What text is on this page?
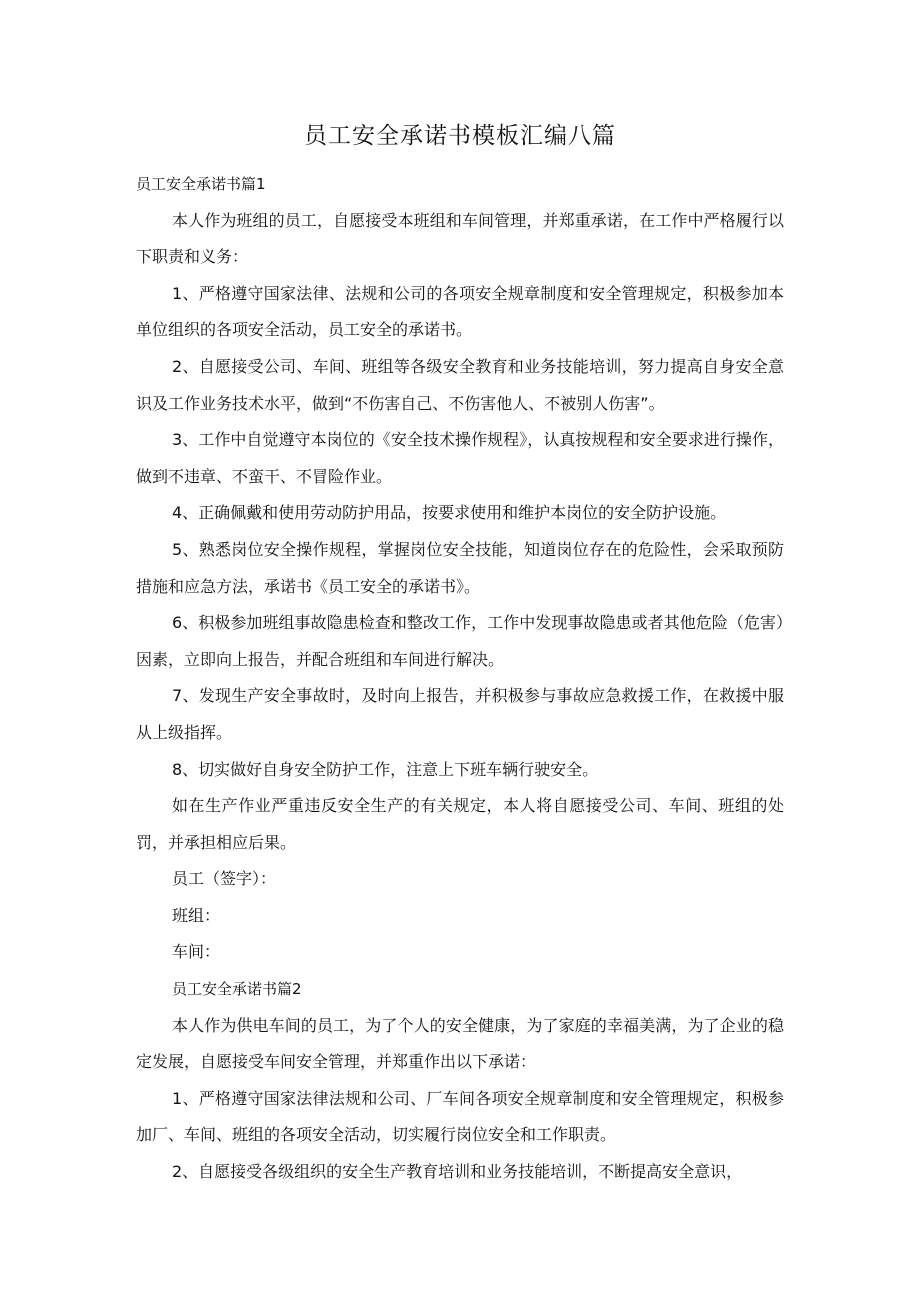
员工安全承诺书模板汇编八篇

员工安全承诺书篇1

本人作为班组的员工，自愿接受本班组和车间管理，并郑重承诺，在工作中严格履行以下职责和义务：

1、严格遵守国家法律、法规和公司的各项安全规章制度和安全管理规定，积极参加本单位组织的各项安全活动，员工安全的承诺书。

2、自愿接受公司、车间、班组等各级安全教育和业务技能培训，努力提高自身安全意识及工作业务技术水平，做到“不伤害自己、不伤害他人、不被别人伤害”。

3、工作中自觉遵守本岗位的《安全技术操作规程》，认真按规程和安全要求进行操作，做到不违章、不蛮干、不冒险作业。

4、正确佩戴和使用劳动防护用品，按要求使用和维护本岗位的安全防护设施。

5、熟悉岗位安全操作规程，掌握岗位安全技能，知道岗位存在的危险性，会采取预防措施和应急方法，承诺书《员工安全的承诺书》。

6、积极参加班组事故隐患检查和整改工作，工作中发现事故隐患或者其他危险（危害）因素，立即向上报告，并配合班组和车间进行解决。

7、发现生产安全事故时，及时向上报告，并积极参与事故应急救援工作，在救援中服从上级指挥。

8、切实做好自身安全防护工作，注意上下班车辆行驶安全。

如在生产作业严重违反安全生产的有关规定，本人将自愿接受公司、车间、班组的处罚，并承担相应后果。

员工（签字）：

班组：

车间：

员工安全承诺书篇2

本人作为供电车间的员工，为了个人的安全健康，为了家庭的幸福美满，为了企业的稳定发展，自愿接受车间安全管理，并郑重作出以下承诺：

1、严格遵守国家法律法规和公司、厂车间各项安全规章制度和安全管理规定，积极参加厂、车间、班组的各项安全活动，切实履行岗位安全和工作职责。

2、自愿接受各级组织的安全生产教育培训和业务技能培训，不断提高安全意识，
